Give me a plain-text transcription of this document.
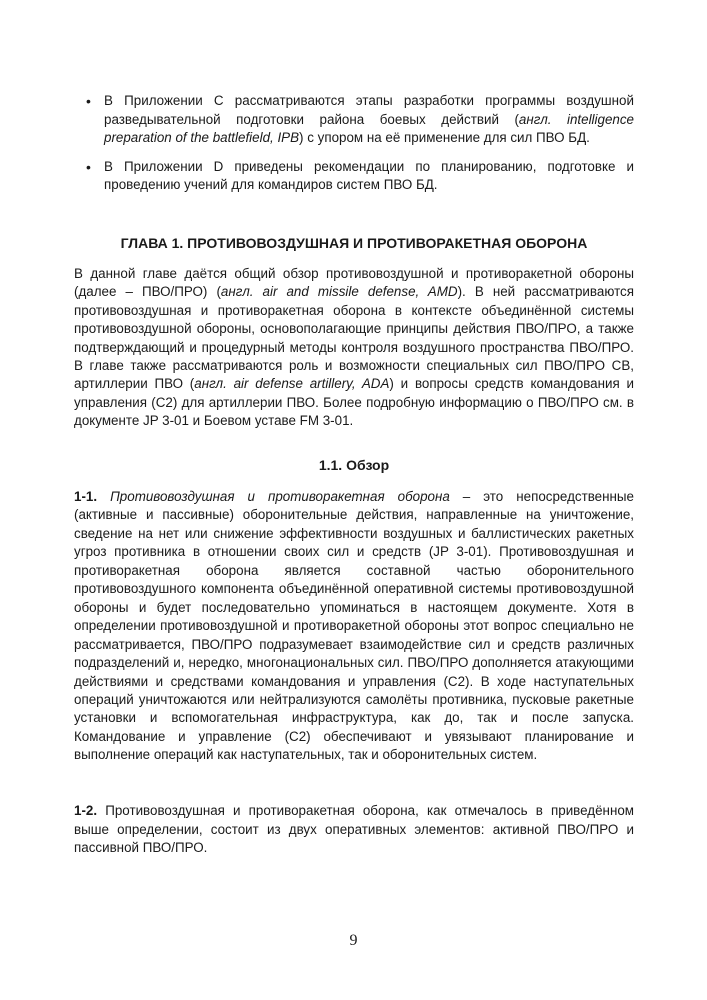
• В Приложении C рассматриваются этапы разработки программы воздушной разведывательной подготовки района боевых действий (англ. intelligence preparation of the battlefield, IPB) с упором на её применение для сил ПВО БД.
• В Приложении D приведены рекомендации по планированию, подготовке и проведению учений для командиров систем ПВО БД.
ГЛАВА 1. ПРОТИВОВОЗДУШНАЯ И ПРОТИВОРАКЕТНАЯ ОБОРОНА

В данной главе даётся общий обзор противовоздушной и противоракетной обороны (далее – ПВО/ПРО) (англ. air and missile defense, AMD). В ней рассматриваются противовоздушная и противоракетная оборона в контексте объединённой системы противовоздушной обороны, основополагающие принципы действия ПВО/ПРО, а также подтверждающий и процедурный методы контроля воздушного пространства ПВО/ПРО. В главе также рассматриваются роль и возможности специальных сил ПВО/ПРО СВ, артиллерии ПВО (англ. air defense artillery, ADA) и вопросы средств командования и управления (C2) для артиллерии ПВО. Более подробную информацию о ПВО/ПРО см. в документе JP 3-01 и Боевом уставе FM 3-01.

1.1. Обзор

1-1. Противовоздушная и противоракетная оборона – это непосредственные (активные и пассивные) оборонительные действия, направленные на уничтожение, сведение на нет или снижение эффективности воздушных и баллистических ракетных угроз противника в отношении своих сил и средств (JP 3-01). Противовоздушная и противоракетная оборона является составной частью оборонительного противовоздушного компонента объединённой оперативной системы противовоздушной обороны и будет последовательно упоминаться в настоящем документе. Хотя в определении противовоздушной и противоракетной обороны этот вопрос специально не рассматривается, ПВО/ПРО подразумевает взаимодействие сил и средств различных подразделений и, нередко, многонациональных сил. ПВО/ПРО дополняется атакующими действиями и средствами командования и управления (C2). В ходе наступательных операций уничтожаются или нейтрализуются самолёты противника, пусковые ракетные установки и вспомогательная инфраструктура, как до, так и после запуска. Командование и управление (C2) обеспечивают и увязывают планирование и выполнение операций как наступательных, так и оборонительных систем.

1-2. Противовоздушная и противоракетная оборона, как отмечалось в приведённом выше определении, состоит из двух оперативных элементов: активной ПВО/ПРО и пассивной ПВО/ПРО.

9
